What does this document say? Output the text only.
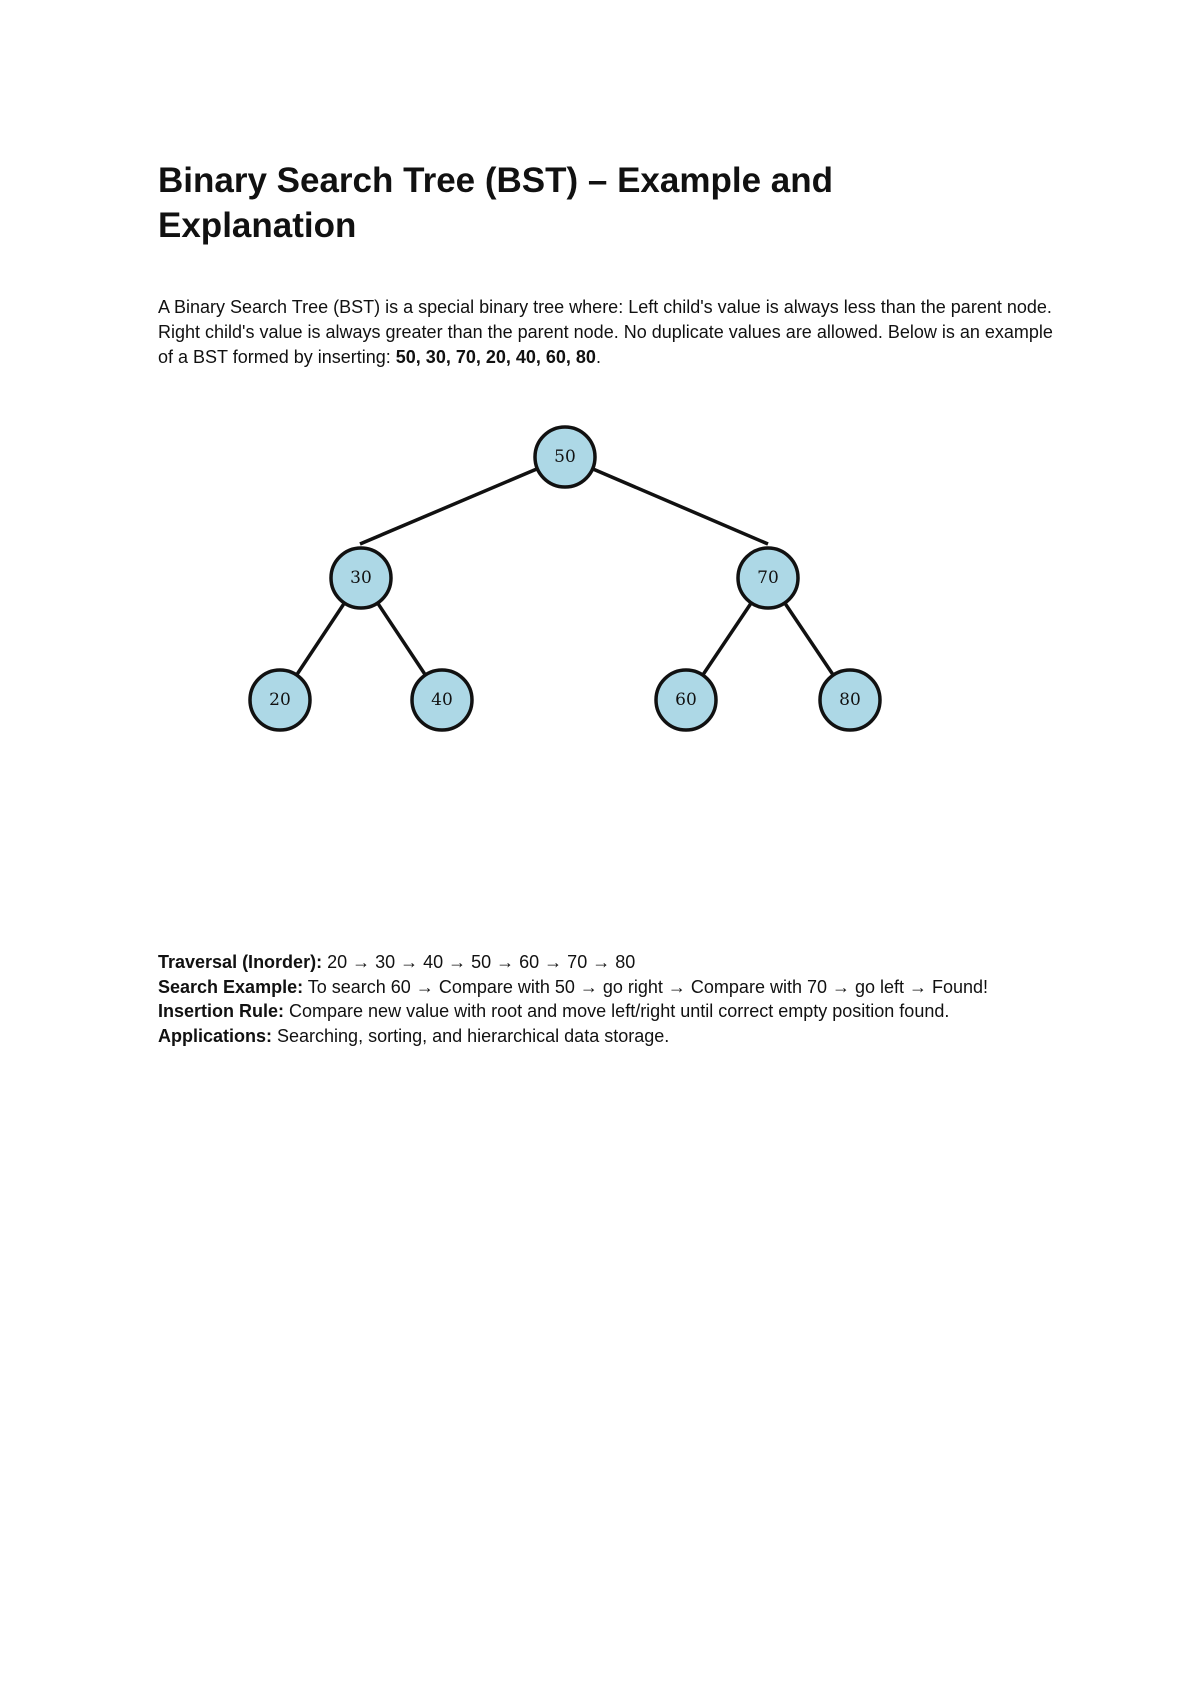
Binary Search Tree (BST) – Example and Explanation

A Binary Search Tree (BST) is a special binary tree where: Left child's value is always less than the parent node. Right child's value is always greater than the parent node. No duplicate values are allowed. Below is an example of a BST formed by inserting: 50, 30, 70, 20, 40, 60, 80.

50
30	70
20	40	60	80

Traversal (Inorder): 20 → 30 → 40 → 50 → 60 → 70 → 80

Search Example: To search 60 → Compare with 50 → go right → Compare with 70 → go left → Found!

Insertion Rule: Compare new value with root and move left/right until correct empty position found.

Applications: Searching, sorting, and hierarchical data storage.
